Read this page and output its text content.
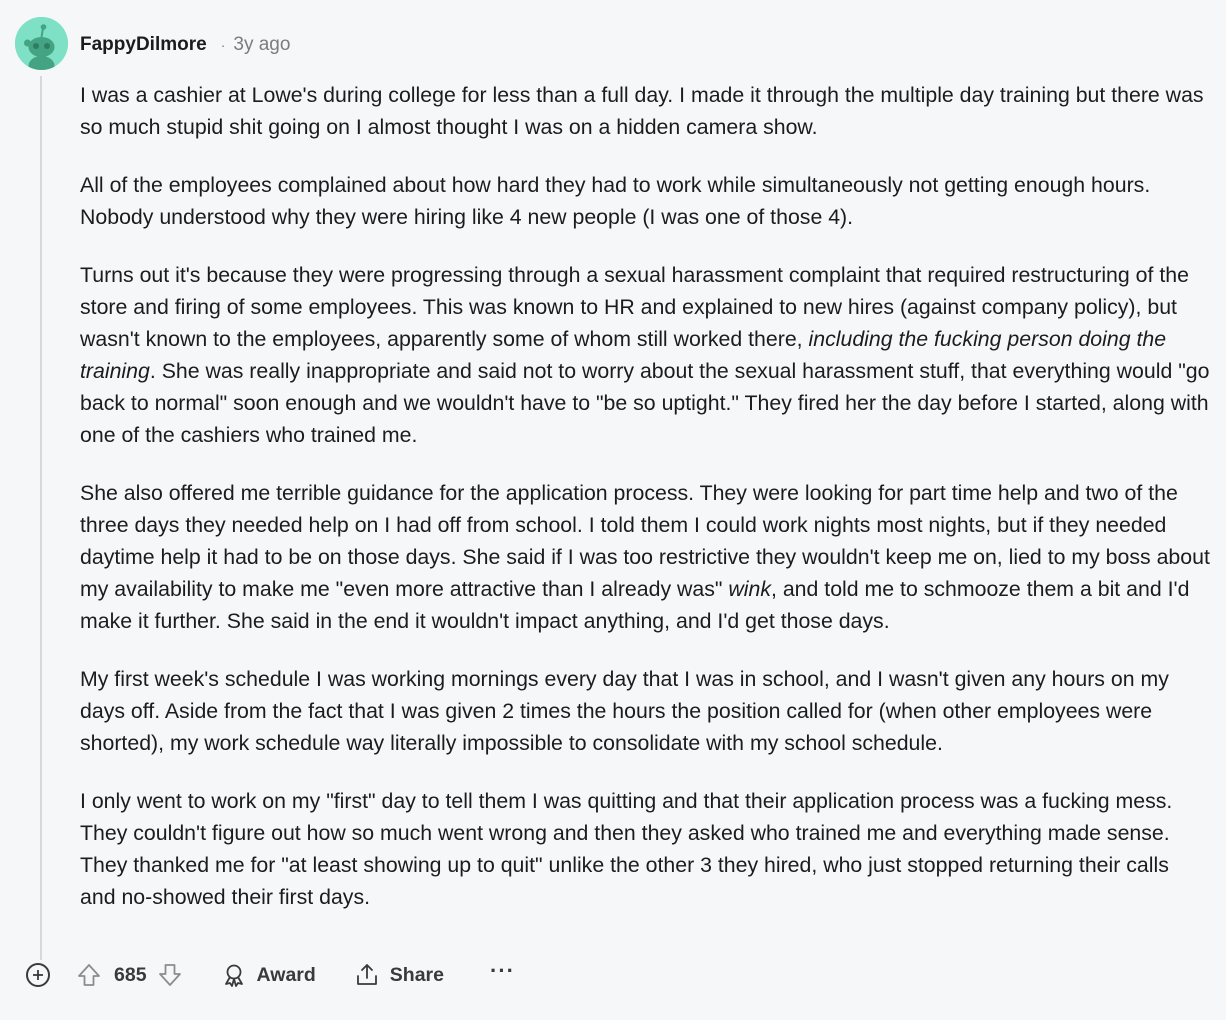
FappyDilmore · 3y ago

I was a cashier at Lowe's during college for less than a full day. I made it through the multiple day training but there was so much stupid shit going on I almost thought I was on a hidden camera show.

All of the employees complained about how hard they had to work while simultaneously not getting enough hours. Nobody understood why they were hiring like 4 new people (I was one of those 4).

Turns out it's because they were progressing through a sexual harassment complaint that required restructuring of the store and firing of some employees. This was known to HR and explained to new hires (against company policy), but wasn't known to the employees, apparently some of whom still worked there, including the fucking person doing the training. She was really inappropriate and said not to worry about the sexual harassment stuff, that everything would "go back to normal" soon enough and we wouldn't have to "be so uptight." They fired her the day before I started, along with one of the cashiers who trained me.

She also offered me terrible guidance for the application process. They were looking for part time help and two of the three days they needed help on I had off from school. I told them I could work nights most nights, but if they needed daytime help it had to be on those days. She said if I was too restrictive they wouldn't keep me on, lied to my boss about my availability to make me "even more attractive than I already was" wink, and told me to schmooze them a bit and I'd make it further. She said in the end it wouldn't impact anything, and I'd get those days.

My first week's schedule I was working mornings every day that I was in school, and I wasn't given any hours on my days off. Aside from the fact that I was given 2 times the hours the position called for (when other employees were shorted), my work schedule way literally impossible to consolidate with my school schedule.

I only went to work on my "first" day to tell them I was quitting and that their application process was a fucking mess. They couldn't figure out how so much went wrong and then they asked who trained me and everything made sense. They thanked me for "at least showing up to quit" unlike the other 3 they hired, who just stopped returning their calls and no-showed their first days.

685	Award	Share ···
